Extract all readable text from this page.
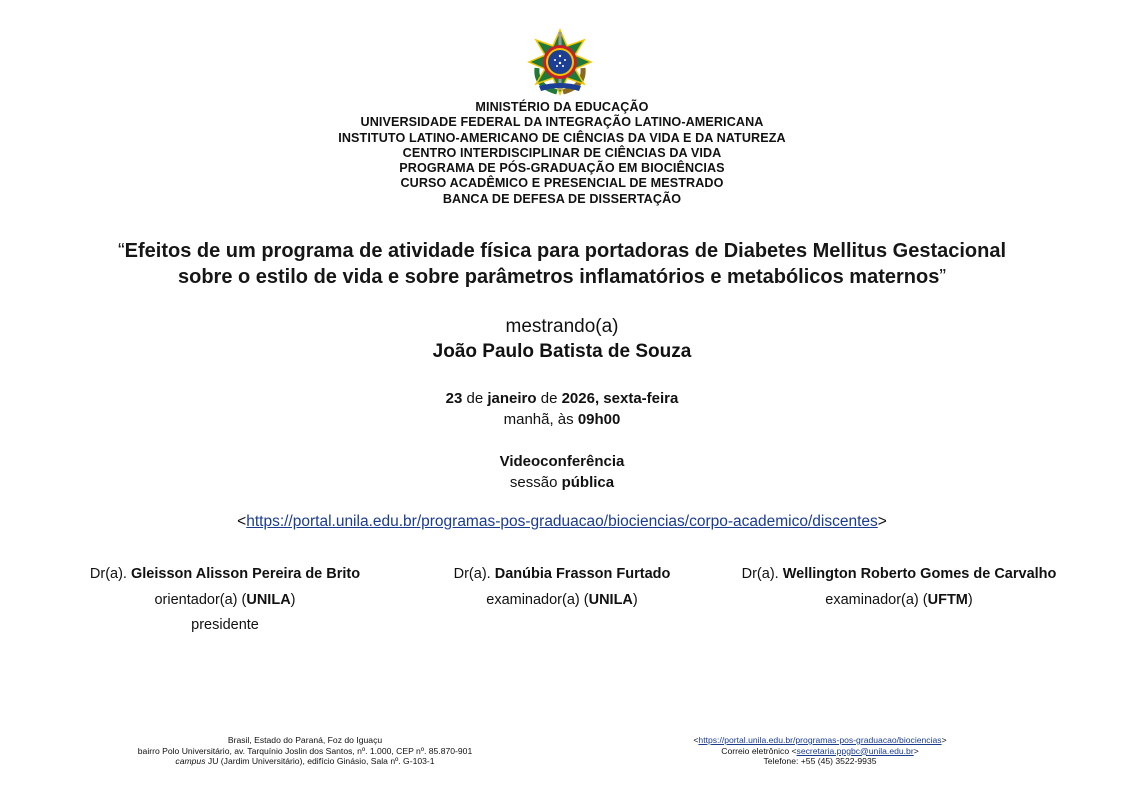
MINISTÉRIO DA EDUCAÇÃO
UNIVERSIDADE FEDERAL DA INTEGRAÇÃO LATINO-AMERICANA
INSTITUTO LATINO-AMERICANO DE CIÊNCIAS DA VIDA E DA NATUREZA
CENTRO INTERDISCIPLINAR DE CIÊNCIAS DA VIDA
PROGRAMA DE PÓS-GRADUAÇÃO EM BIOCIÊNCIAS
CURSO ACADÊMICO E PRESENCIAL DE MESTRADO
BANCA DE DEFESA DE DISSERTAÇÃO
“Efeitos de um programa de atividade física para portadoras de Diabetes Mellitus Gestacional
sobre o estilo de vida e sobre parâmetros inflamatórios e metabólicos maternos”
mestrando(a)
João Paulo Batista de Souza
23 de janeiro de 2026, sexta-feira
manhã, às 09h00
Videoconferência
sessão pública
<https://portal.unila.edu.br/programas-pos-graduacao/biociencias/corpo-academico/discentes>
Dr(a). Gleisson Alisson Pereira de Brito
orientador(a) (UNILA)
presidente
Dr(a). Danúbia Frasson Furtado
examinador(a) (UNILA)
Dr(a). Wellington Roberto Gomes de Carvalho
examinador(a) (UFTM)
Brasil, Estado do Paraná, Foz do Iguaçu
bairro Polo Universitário, av. Tarquínio Joslin dos Santos, nº. 1.000, CEP nº. 85.870-901
campus JU (Jardim Universitário), edifício Ginásio, Sala nº. G-103-1
<https://portal.unila.edu.br/programas-pos-graduacao/biociencias>
Correio eletrônico <secretaria.ppgbc@unila.edu.br>
Telefone: +55 (45) 3522-9935
